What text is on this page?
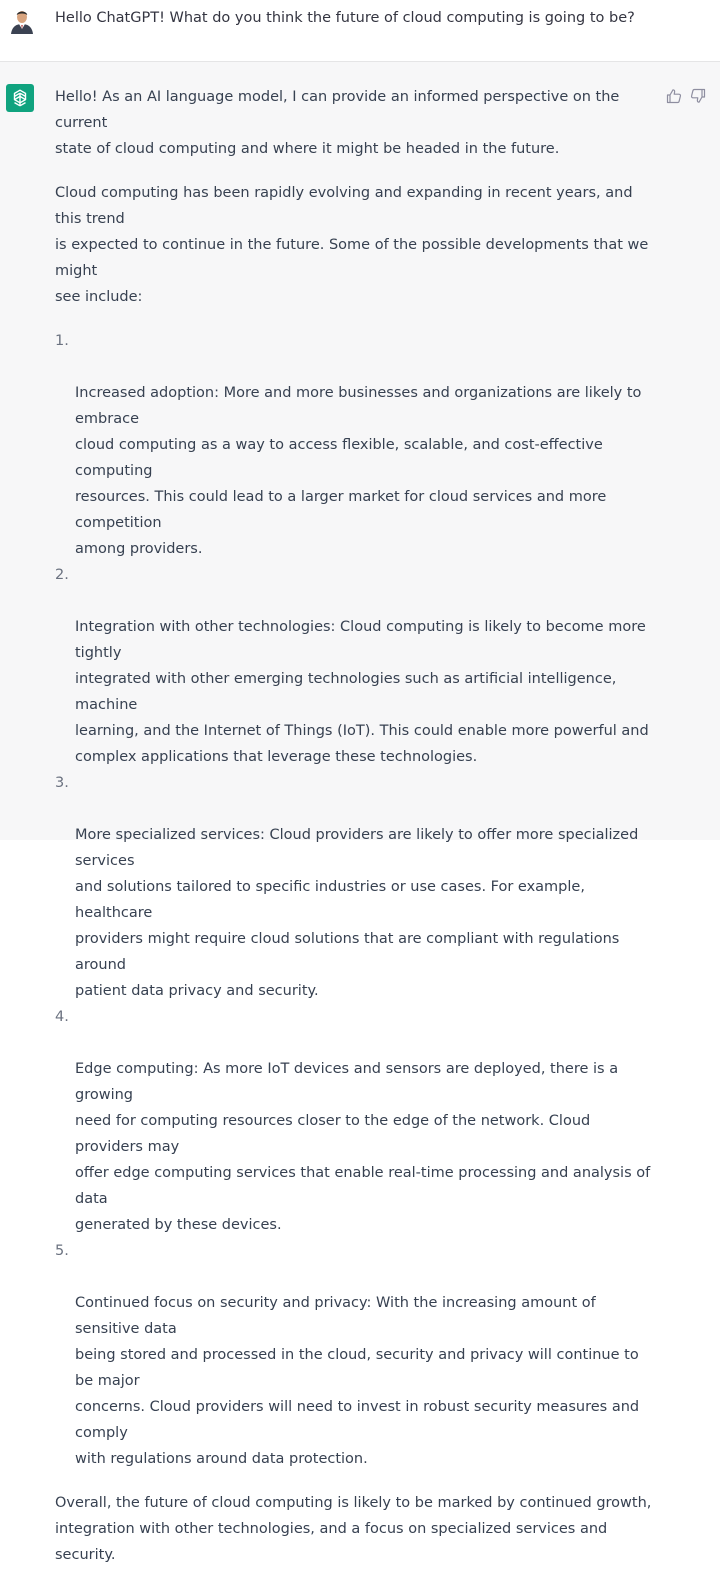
Hello ChatGPT! What do you think the future of cloud computing is going to be?

Hello! As an AI language model, I can provide an informed perspective on the current
state of cloud computing and where it might be headed in the future.

Cloud computing has been rapidly evolving and expanding in recent years, and this trend
is expected to continue in the future. Some of the possible developments that we might
see include:

1.

Increased adoption: More and more businesses and organizations are likely to embrace
cloud computing as a way to access flexible, scalable, and cost-effective computing
resources. This could lead to a larger market for cloud services and more competition
among providers.

2.

Integration with other technologies: Cloud computing is likely to become more tightly
integrated with other emerging technologies such as artificial intelligence, machine
learning, and the Internet of Things (IoT). This could enable more powerful and
complex applications that leverage these technologies.

3.

More specialized services: Cloud providers are likely to offer more specialized services
and solutions tailored to specific industries or use cases. For example, healthcare
providers might require cloud solutions that are compliant with regulations around
patient data privacy and security.

4.

Edge computing: As more IoT devices and sensors are deployed, there is a growing
need for computing resources closer to the edge of the network. Cloud providers may
offer edge computing services that enable real-time processing and analysis of data
generated by these devices.

5.

Continued focus on security and privacy: With the increasing amount of sensitive data
being stored and processed in the cloud, security and privacy will continue to be major
concerns. Cloud providers will need to invest in robust security measures and comply
with regulations around data protection.

Overall, the future of cloud computing is likely to be marked by continued growth,
integration with other technologies, and a focus on specialized services and security.
